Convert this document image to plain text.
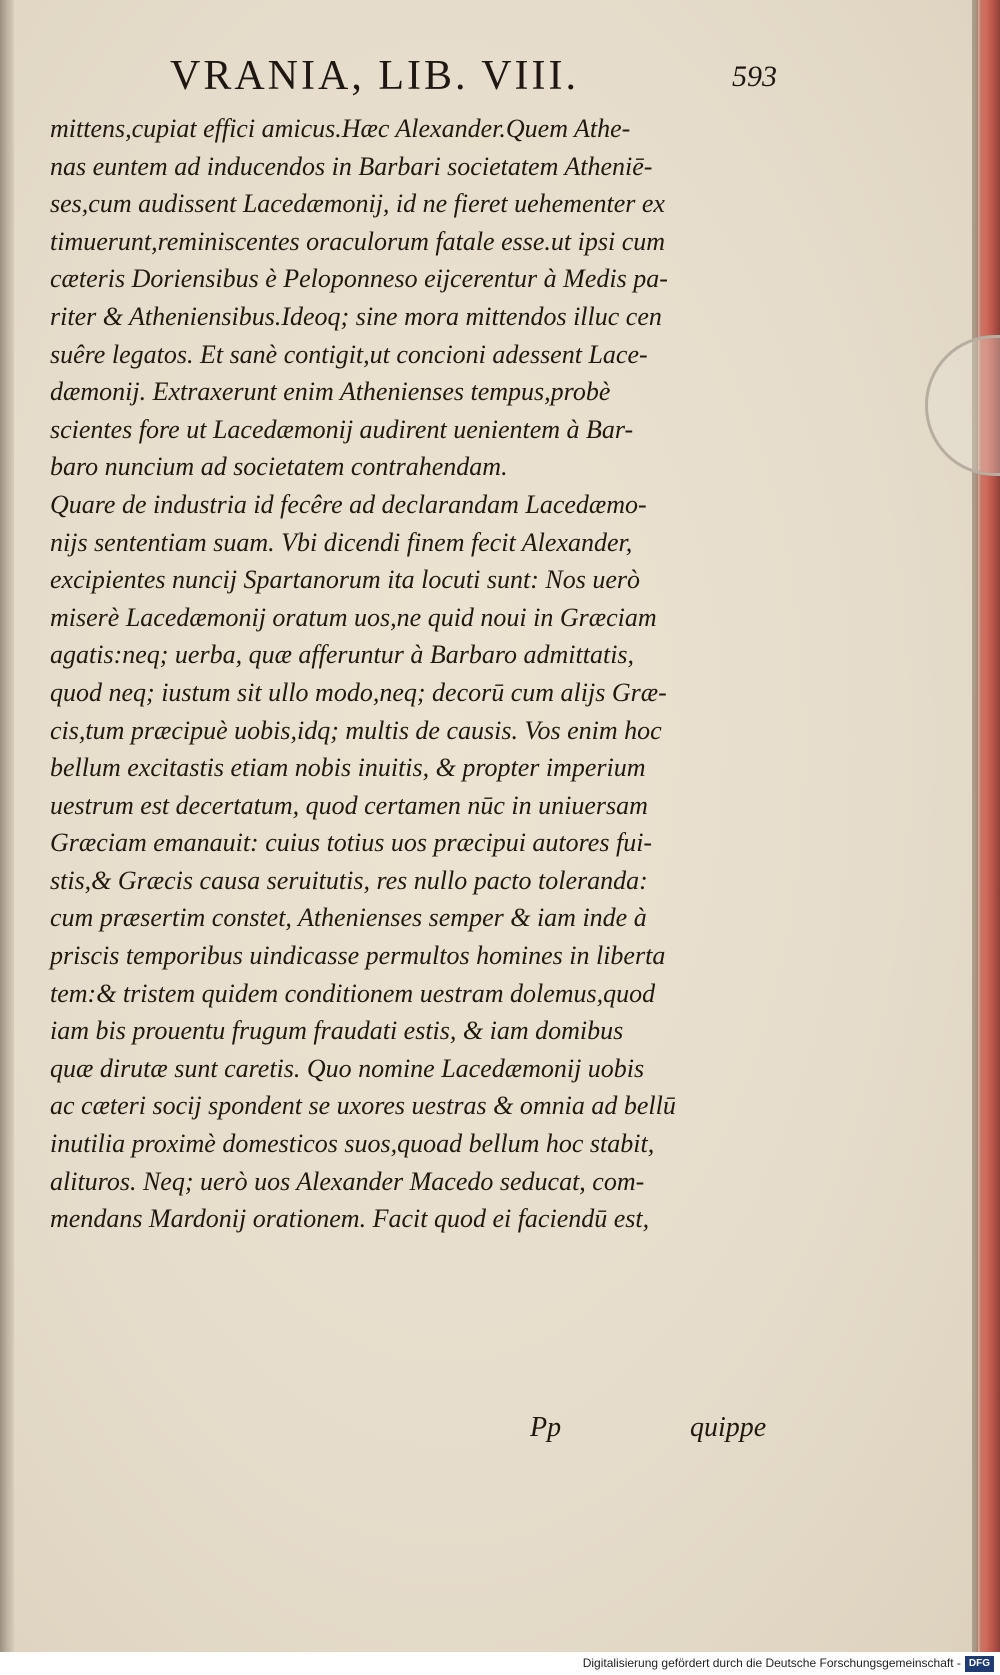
VRANIA, LIB. VIII.	593
mittens,cupiat effici amicus.Hæc Alexander.Quem Athe-
nas euntem ad inducendos in Barbari societatem Atheniē-
ses,cum audissent Lacedæmonij, id ne fieret uehementer ex
timuerunt,reminiscentes oraculorum fatale esse.ut ipsi cum
cæteris Doriensibus è Peloponneso eijcerentur à Medis pa-
riter & Atheniensibus.Ideoq; sine mora mittendos illuc cen
suêre legatos. Et sanè contigit,ut concioni adessent Lace-
dæmonij. Extraxerunt enim Athenienses tempus,probè
scientes fore ut Lacedæmonij audirent uenientem à Bar-
baro nuncium ad societatem contrahendam.
Quare de industria id fecêre ad declarandam Lacedæmo-
nijs sententiam suam. Vbi dicendi finem fecit Alexander,
excipientes nuncij Spartanorum ita locuti sunt: Nos uerò
miserè Lacedæmonij oratum uos,ne quid noui in Græciam
agatis:neq; uerba, quæ afferuntur à Barbaro admittatis,
quod neq; iustum sit ullo modo,neq; decorū cum alijs Græ-
cis,tum præcipuè uobis,idq; multis de causis. Vos enim hoc
bellum excitastis etiam nobis inuitis, & propter imperium
uestrum est decertatum, quod certamen nūc in uniuersam
Græciam emanauit: cuius totius uos præcipui autores fui-
stis,& Græcis causa seruitutis, res nullo pacto toleranda:
cum præsertim constet, Athenienses semper & iam inde à
priscis temporibus uindicasse permultos homines in liberta
tem:& tristem quidem conditionem uestram dolemus,quod
iam bis prouentu frugum fraudati estis, & iam domibus
quæ dirutæ sunt caretis. Quo nomine Lacedæmonij uobis
ac cæteri socij spondent se uxores uestras & omnia ad bellū
inutilia proximè domesticos suos,quoad bellum hoc stabit,
alituros. Neq; uerò uos Alexander Macedo seducat, com-
mendans Mardonij orationem. Facit quod ei faciendū est,
Pp	quippe
Digitalisierung gefördert durch die Deutsche Forschungsgemeinschaft - DFG
